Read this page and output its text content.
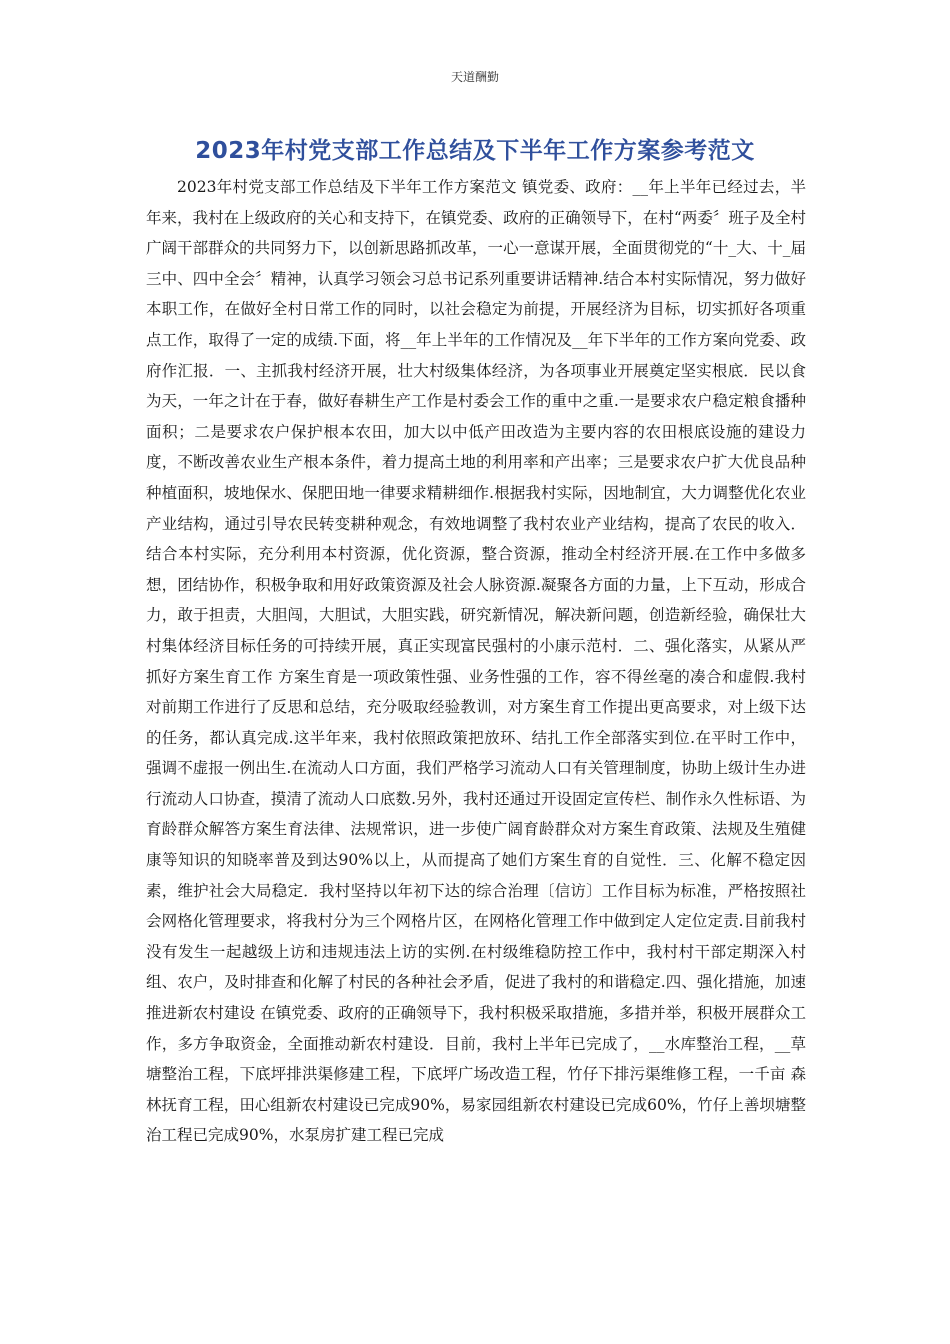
天道酬勤
2023年村党支部工作总结及下半年工作方案参考范文

2023年村党支部工作总结及下半年工作方案范文 镇党委、政府：__年上半年已经过去，半年来，我村在上级政府的关心和支持下，在镇党委、政府的正确领导下，在村“两委〞班子及全村广阔干部群众的共同努力下，以创新思路抓改革，一心一意谋开展，全面贯彻党的“十_大、十_届三中、四中全会〞精神，认真学习领会习总书记系列重要讲话精神.结合本村实际情况，努力做好本职工作，在做好全村日常工作的同时，以社会稳定为前提，开展经济为目标，切实抓好各项重点工作，取得了一定的成绩.下面，将__年上半年的工作情况及__年下半年的工作方案向党委、政府作汇报．一、主抓我村经济开展，壮大村级集体经济，为各项事业开展奠定坚实根底．民以食为天，一年之计在于春，做好春耕生产工作是村委会工作的重中之重.一是要求农户稳定粮食播种面积；二是要求农户保护根本农田，加大以中低产田改造为主要内容的农田根底设施的建设力度，不断改善农业生产根本条件，着力提高土地的利用率和产出率；三是要求农户扩大优良品种种植面积，坡地保水、保肥田地一律要求精耕细作.根据我村实际，因地制宜，大力调整优化农业产业结构，通过引导农民转变耕种观念，有效地调整了我村农业产业结构，提高了农民的收入．结合本村实际，充分利用本村资源，优化资源，整合资源，推动全村经济开展.在工作中多做多想，团结协作，积极争取和用好政策资源及社会人脉资源.凝聚各方面的力量，上下互动，形成合力，敢于担责，大胆闯，大胆试，大胆实践，研究新情况，解决新问题，创造新经验，确保壮大村集体经济目标任务的可持续开展，真正实现富民强村的小康示范村．二、强化落实，从紧从严抓好方案生育工作 方案生育是一项政策性强、业务性强的工作，容不得丝毫的凑合和虚假.我村对前期工作进行了反思和总结，充分吸取经验教训，对方案生育工作提出更高要求，对上级下达的任务，都认真完成.这半年来，我村依照政策把放环、结扎工作全部落实到位.在平时工作中，强调不虚报一例出生.在流动人口方面，我们严格学习流动人口有关管理制度，协助上级计生办进行流动人口协查，摸清了流动人口底数.另外，我村还通过开设固定宣传栏、制作永久性标语、为育龄群众解答方案生育法律、法规常识，进一步使广阔育龄群众对方案生育政策、法规及生殖健康等知识的知晓率普及到达90%以上，从而提高了她们方案生育的自觉性．三、化解不稳定因素，维护社会大局稳定．我村坚持以年初下达的综合治理〔信访〕工作目标为标准，严格按照社会网格化管理要求，将我村分为三个网格片区，在网格化管理工作中做到定人定位定责.目前我村没有发生一起越级上访和违规违法上访的实例.在村级维稳防控工作中，我村村干部定期深入村组、农户，及时排查和化解了村民的各种社会矛盾，促进了我村的和谐稳定.四、强化措施，加速推进新农村建设 在镇党委、政府的正确领导下，我村积极采取措施，多措并举，积极开展群众工作，多方争取资金，全面推动新农村建设．目前，我村上半年已完成了，__水库整治工程，__草塘整治工程，下底坪排洪渠修建工程，下底坪广场改造工程，竹仔下排污渠维修工程，一千亩 森林抚育工程，田心组新农村建设已完成90%，易家园组新农村建设已完成60%，竹仔上善坝塘整治工程已完成90%，水泵房扩建工程已完成
